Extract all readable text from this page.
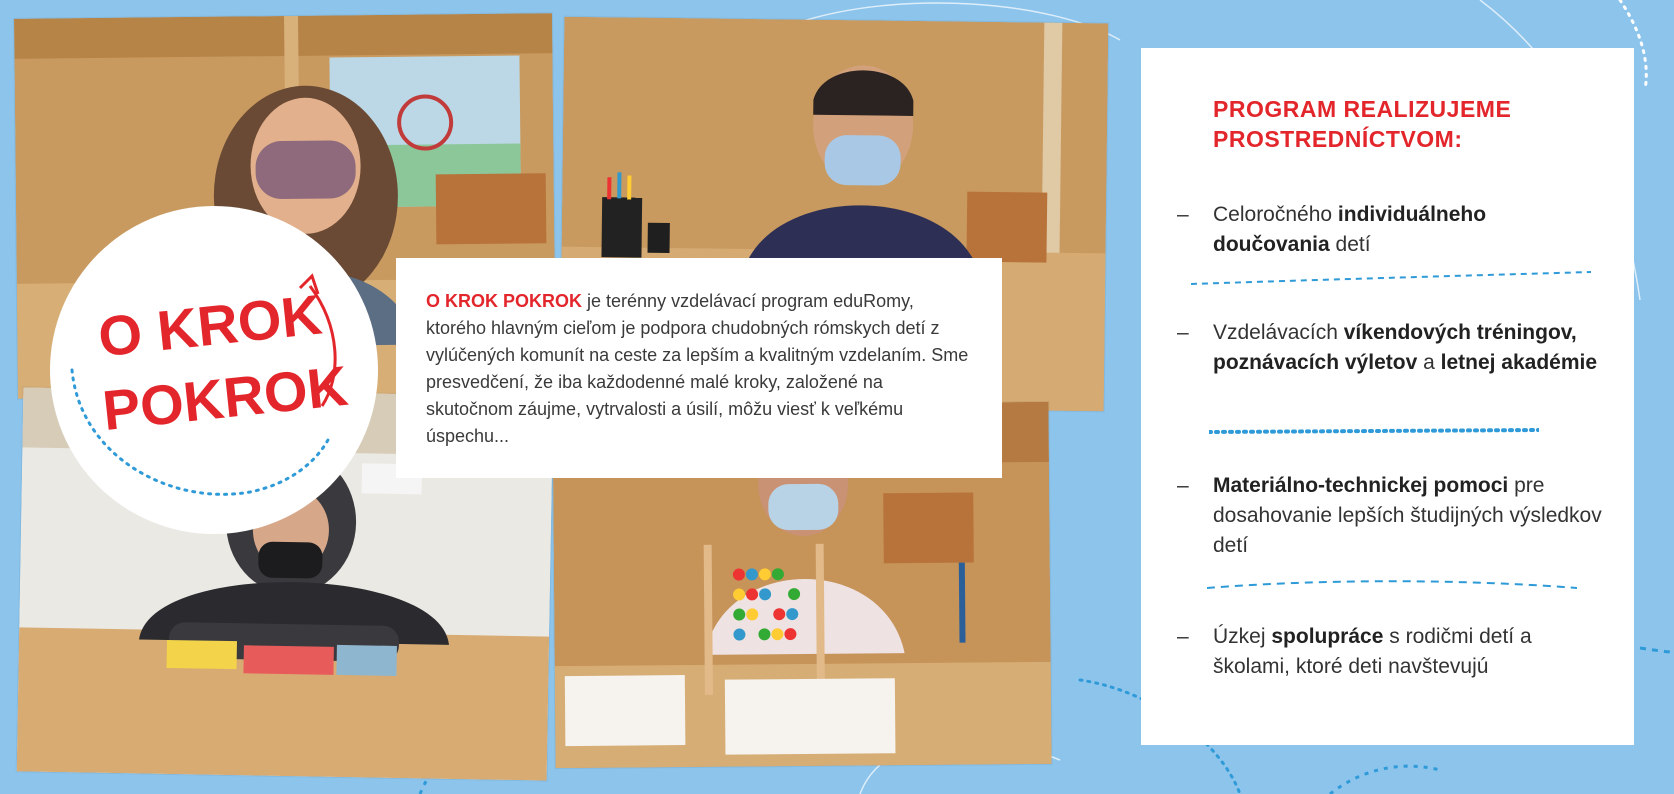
O KROK
POKROK

O KROK POKROK je terénny vzdelávací program eduRomy, ktorého hlavným cieľom je podpora chudobných rómskych detí z vylúčených komunít na ceste za lepším a kvalitným vzdelaním. Sme presvedčení, že iba každodenné malé kroky, založené na skutočnom záujme, vytrvalosti a úsilí, môžu viesť k veľkému úspechu...

PROGRAM REALIZUJEME PROSTREDNÍCTVOM:
– Celoročného individuálneho doučovania detí
– Vzdelávacích víkendových tréningov, poznávacích výletov a letnej akadémie
– Materiálno-technickej pomoci pre dosahovanie lepších študijných výsledkov detí
– Úzkej spolupráce s rodičmi detí a školami, ktoré deti navštevujú
